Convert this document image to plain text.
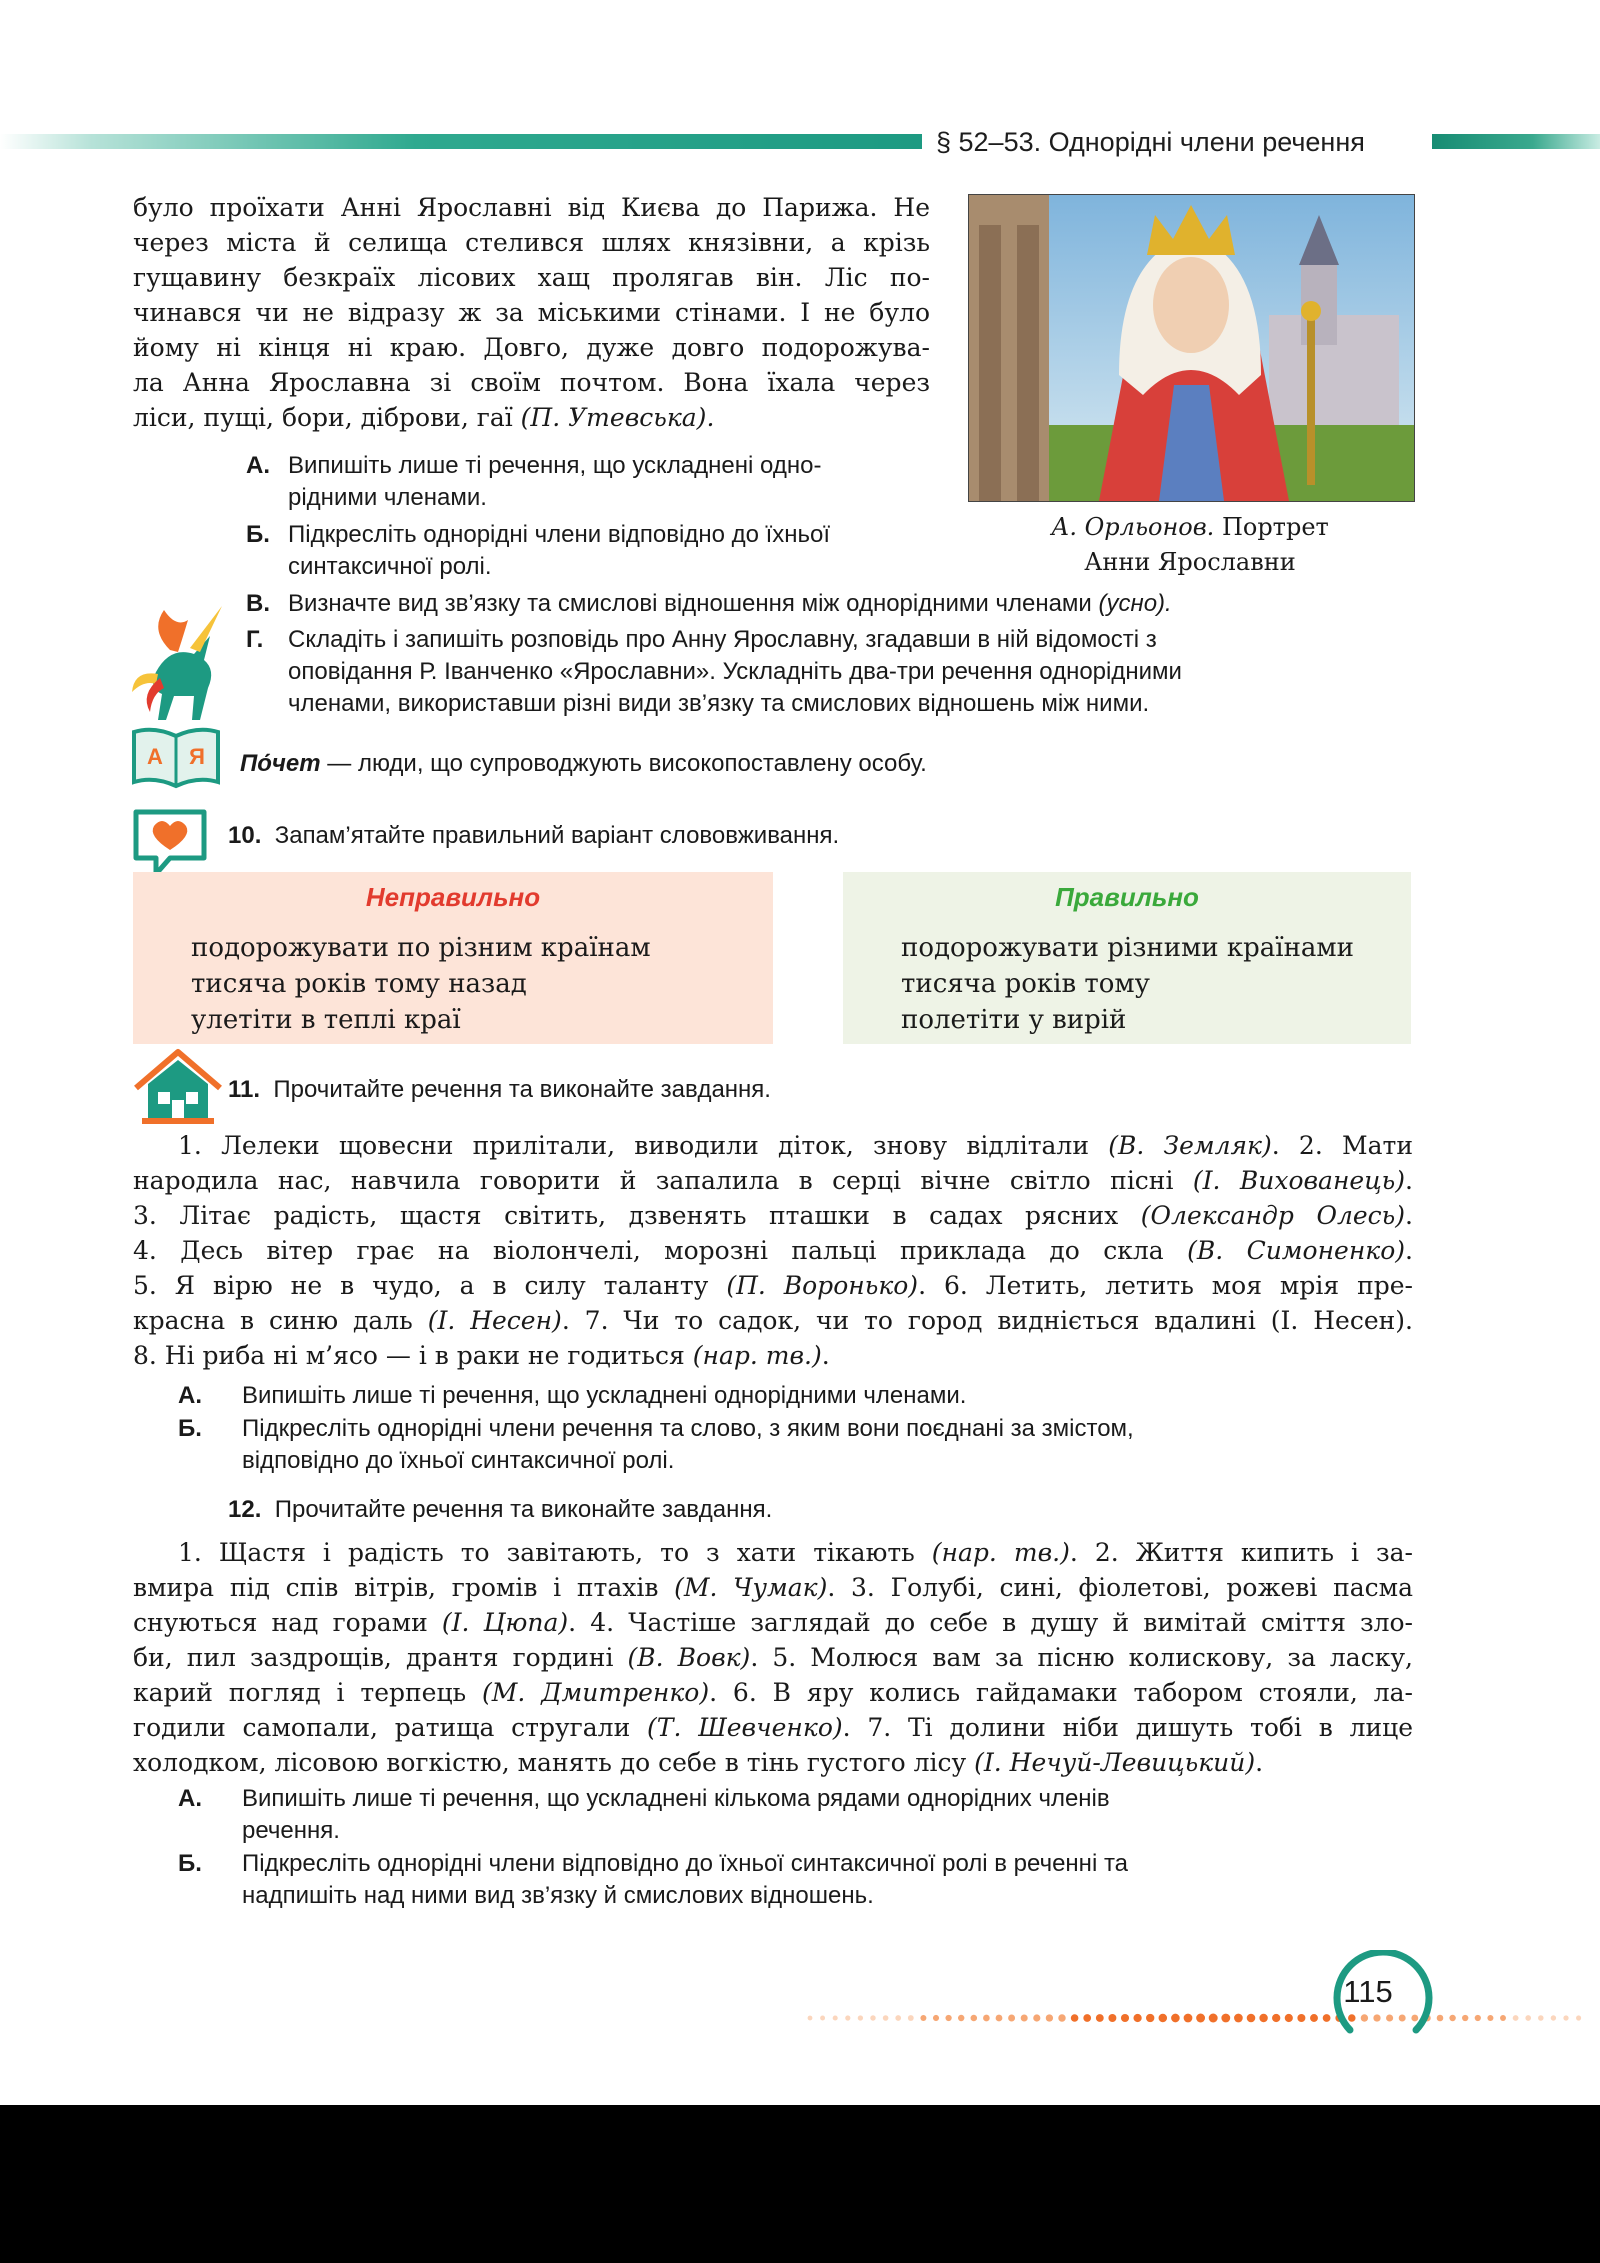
§ 52–53. Однорідні члени речення
було проїхати Анні Ярославні від Києва до Парижа. Не
через міста й селища стелився шлях князівни, а крізь
гущавину безкраїх лісових хащ пролягав він. Ліс по-
чинався чи не відразу ж за міськими стінами. І не було
йому ні кінця ні краю. Довго, дуже довго подорожува-
ла Анна Ярославна зі своїм почтом. Вона їхала через
ліси, пущі, бори, діброви, гаї (П. Утевська).
А. Орльонов. Портрет
Анни Ярославни
А. Випишіть лише ті речення, що ускладнені одно-
рідними членами.
Б. Підкресліть однорідні члени відповідно до їхньої
синтаксичної ролі.
В. Визначте вид зв’язку та смислові відношення між однорідними членами (усно).
Г. Складіть і запишіть розповідь про Анну Ярославну, згадавши в ній відомості з
оповідання Р. Іванченко «Ярославни». Ускладніть два-три речення однорідними
членами, використавши різні види зв’язку та смислових відношень між ними.
А Я По́чет — люди, що супроводжують високопоставлену особу.
10. Запам’ятайте правильний варіант слововживання.
Неправильно
подорожувати по різним країнам
тисяча років тому назад
улетіти в теплі краї
Правильно
подорожувати різними країнами
тисяча років тому
полетіти у вирій
11. Прочитайте речення та виконайте завдання.
1. Лелеки щовесни прилітали, виводили діток, знову відлітали (В. Земляк). 2. Мати
народила нас, навчила говорити й запалила в серці вічне світло пісні (І. Вихованець).
3. Літає радість, щастя світить, дзвенять пташки в садах рясних (Олександр Олесь).
4. Десь вітер грає на віолончелі, морозні пальці приклада до скла (В. Симоненко).
5. Я вірю не в чудо, а в силу таланту (П. Воронько). 6. Летить, летить моя мрія пре-
красна в синю даль (І. Несен). 7. Чи то садок, чи то город видніється вдалині (І. Несен).
8. Ні риба ні м’ясо — і в раки не годиться (нар. тв.).
А. Випишіть лише ті речення, що ускладнені однорідними членами.
Б. Підкресліть однорідні члени речення та слово, з яким вони поєднані за змістом,
відповідно до їхньої синтаксичної ролі.
12. Прочитайте речення та виконайте завдання.
1. Щастя і радість то завітають, то з хати тікають (нар. тв.). 2. Життя кипить і за-
вмира під спів вітрів, громів і птахів (М. Чумак). 3. Голубі, сині, фіолетові, рожеві пасма
снуються над горами (І. Цюпа). 4. Частіше заглядай до себе в душу й вимітай сміття зло-
би, пил заздрощів, дрантя гордині (В. Вовк). 5. Молюся вам за пісню колискову, за ласку,
карий погляд і терпець (М. Дмитренко). 6. В яру колись гайдамаки табором стояли, ла-
годили самопали, ратища стругали (Т. Шевченко). 7. Ті долини ніби дишуть тобі в лице
холодком, лісовою вогкістю, манять до себе в тінь густого лісу (І. Нечуй-Левицький).
А. Випишіть лише ті речення, що ускладнені кількома рядами однорідних членів
речення.
Б. Підкресліть однорідні члени відповідно до їхньої синтаксичної ролі в реченні та
надпишіть над ними вид зв’язку й смислових відношень.
115
